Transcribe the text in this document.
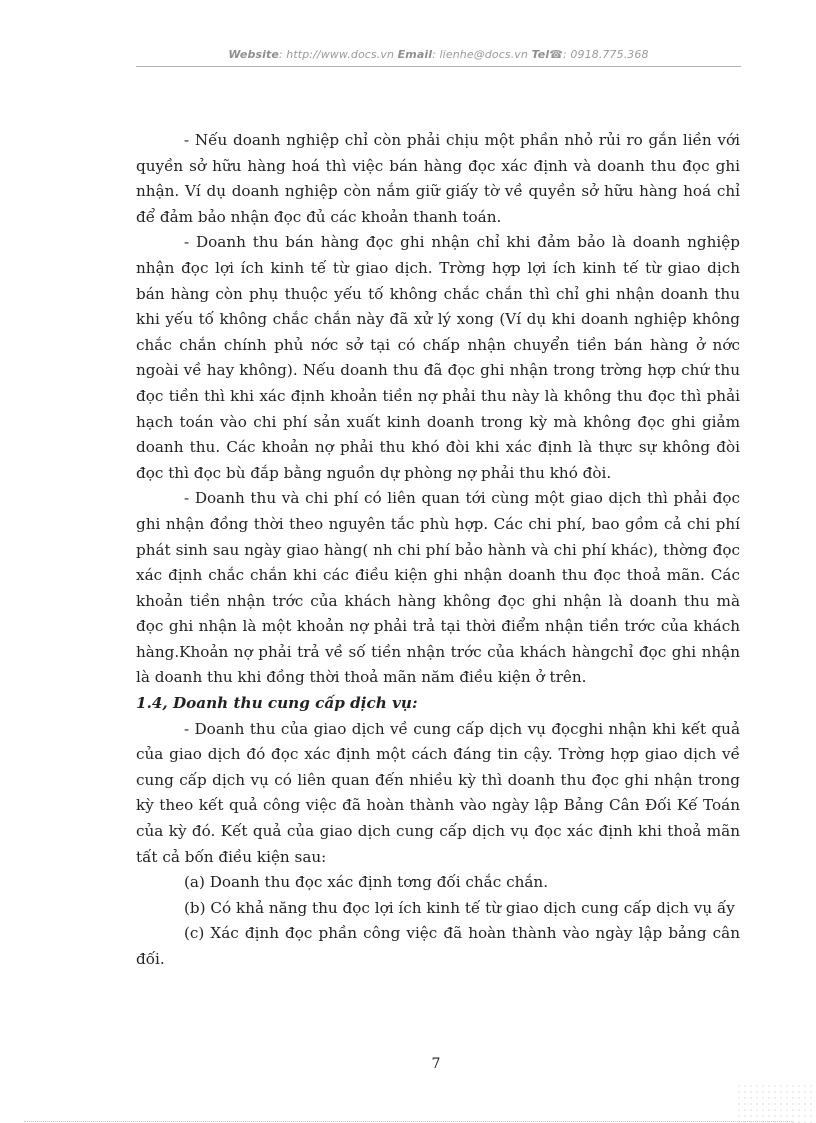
Website: http://www.docs.vn Email: lienhe@docs.vn Tel☎: 0918.775.368

- Nếu doanh nghiệp chỉ còn phải chịu một phần nhỏ rủi ro gắn liền với quyền sở hữu hàng hoá thì việc bán hàng đọc xác định và doanh thu đọc ghi nhận. Ví dụ doanh nghiệp còn nắm giữ giấy tờ về quyền sở hữu hàng hoá chỉ để đảm bảo nhận đọc đủ các khoản thanh toán.

- Doanh thu bán hàng đọc ghi nhận chỉ khi đảm bảo là doanh nghiệp nhận đọc lợi ích kinh tế từ giao dịch. Trờng hợp lợi ích kinh tế từ giao dịch bán hàng còn phụ thuộc yếu tố không chắc chắn thì chỉ ghi nhận doanh thu khi yếu tố không chắc chắn này đã xử lý xong (Ví dụ khi doanh nghiệp không chắc chắn chính phủ nớc sở tại có chấp nhận chuyển tiền bán hàng ở nớc ngoài về hay không). Nếu doanh thu đã đọc ghi nhận trong trờng hợp chứ thu đọc tiền thì khi xác định khoản tiền nợ phải thu này là không thu đọc thì phải hạch toán vào chi phí sản xuất kinh doanh trong kỳ mà không đọc ghi giảm doanh thu. Các khoản nợ phải thu khó đòi khi xác định là thực sự không đòi đọc thì đọc bù đắp bằng nguồn dự phòng nợ phải thu khó đòi.

- Doanh thu và chi phí có liên quan tới cùng một giao dịch thì phải đọc ghi nhận đồng thời theo nguyên tắc phù hợp. Các chi phí, bao gồm cả chi phí phát sinh sau ngày giao hàng( nh chi phí bảo hành và chi phí khác), thờng đọc xác định chắc chắn khi các điều kiện ghi nhận doanh thu đọc thoả mãn. Các khoản tiền nhận trớc của khách hàng không đọc ghi nhận là doanh thu mà đọc ghi nhận là một khoản nợ phải trả tại thời điểm nhận tiền trớc của khách hàng.Khoản nợ phải trả về số tiền nhận trớc của khách hàngchỉ đọc ghi nhận là doanh thu khi đồng thời thoả mãn năm điều kiện ở trên.

1.4, Doanh thu cung cấp dịch vụ:

- Doanh thu của giao dịch về cung cấp dịch vụ đọcghi nhận khi kết quả của giao dịch đó đọc xác định một cách đáng tin cậy. Trờng hợp giao dịch về cung cấp dịch vụ có liên quan đến nhiều kỳ thì doanh thu đọc ghi nhận trong kỳ theo kết quả công việc đã hoàn thành vào ngày lập Bảng Cân Đối Kế Toán của kỳ đó. Kết quả của giao dịch cung cấp dịch vụ đọc xác định khi thoả mãn tất cả bốn điều kiện sau:

(a) Doanh thu đọc xác định tơng đối chắc chắn.

(b) Có khả năng thu đọc lợi ích kinh tế từ giao dịch cung cấp dịch vụ ấy

(c) Xác định đọc phần công việc đã hoàn thành vào ngày lập bảng cân đối.

7
